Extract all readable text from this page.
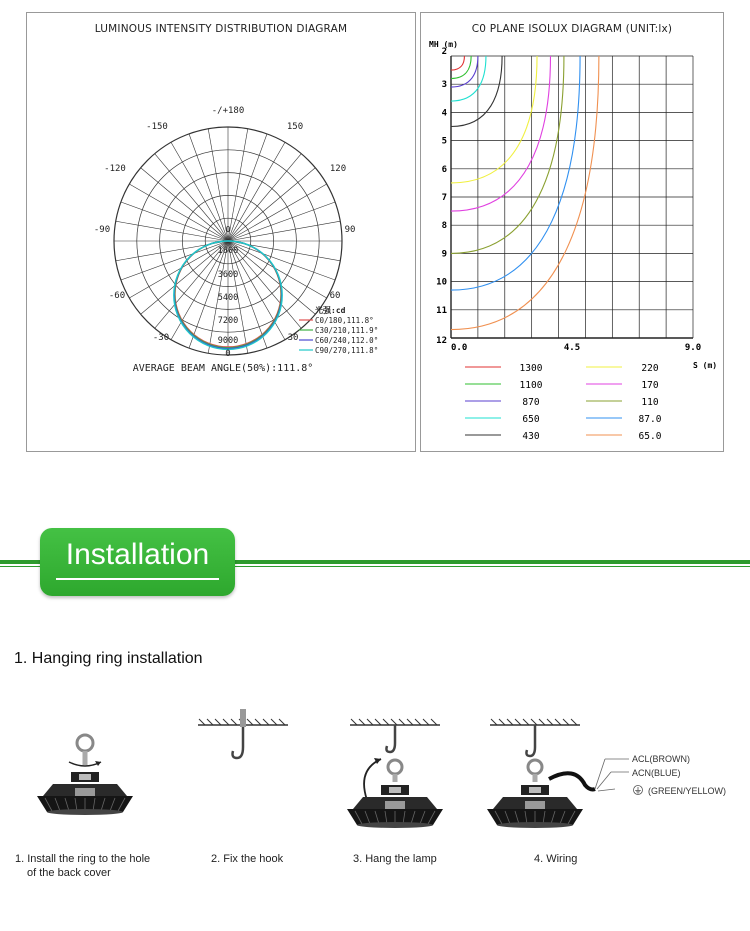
LUMINOUS INTENSITY DISTRIBUTION DIAGRAM
-/+180
-150	150
-120	120
-90	90
-60	60
-30	30
0
0
1800
3600
5400
7200
9000
光强:cd
C0/180,111.8°
C30/210,111.9°
C60/240,112.0°
C90/270,111.8°
AVERAGE BEAM ANGLE(50%):111.8°
C0 PLANE ISOLUX DIAGRAM (UNIT:lx)
MH (m)
S (m)
2
3
4
5
6
7
8
9
10
11
12
0.0	4.5	9.0
1300	220
1100	170
870	110
650	87.0
430	65.0
Installation
1. Hanging ring installation
ACL(BROWN)
ACN(BLUE)
(GREEN/YELLOW)
1. Install the ring to the hole
of the back cover
2. Fix the hook	3. Hang the lamp	4. Wiring
